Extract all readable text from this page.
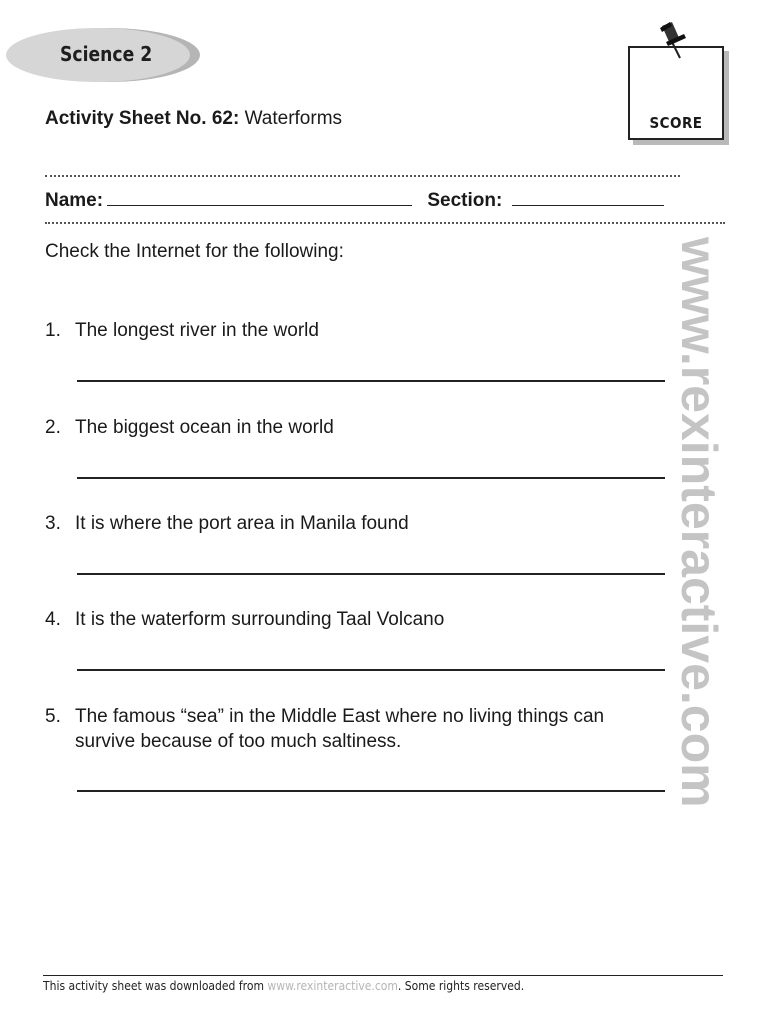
Science 2
SCORE
Activity Sheet No. 62: Waterforms
Name:	Section:
Check the Internet for the following:
1. The longest river in the world
2. The biggest ocean in the world
3. It is where the port area in Manila found
4. It is the waterform surrounding Taal Volcano
5. The famous “sea” in the Middle East where no living things can survive because of too much saltiness.	www.rexinteractive.com
This activity sheet was downloaded from www.rexinteractive.com. Some rights reserved.
